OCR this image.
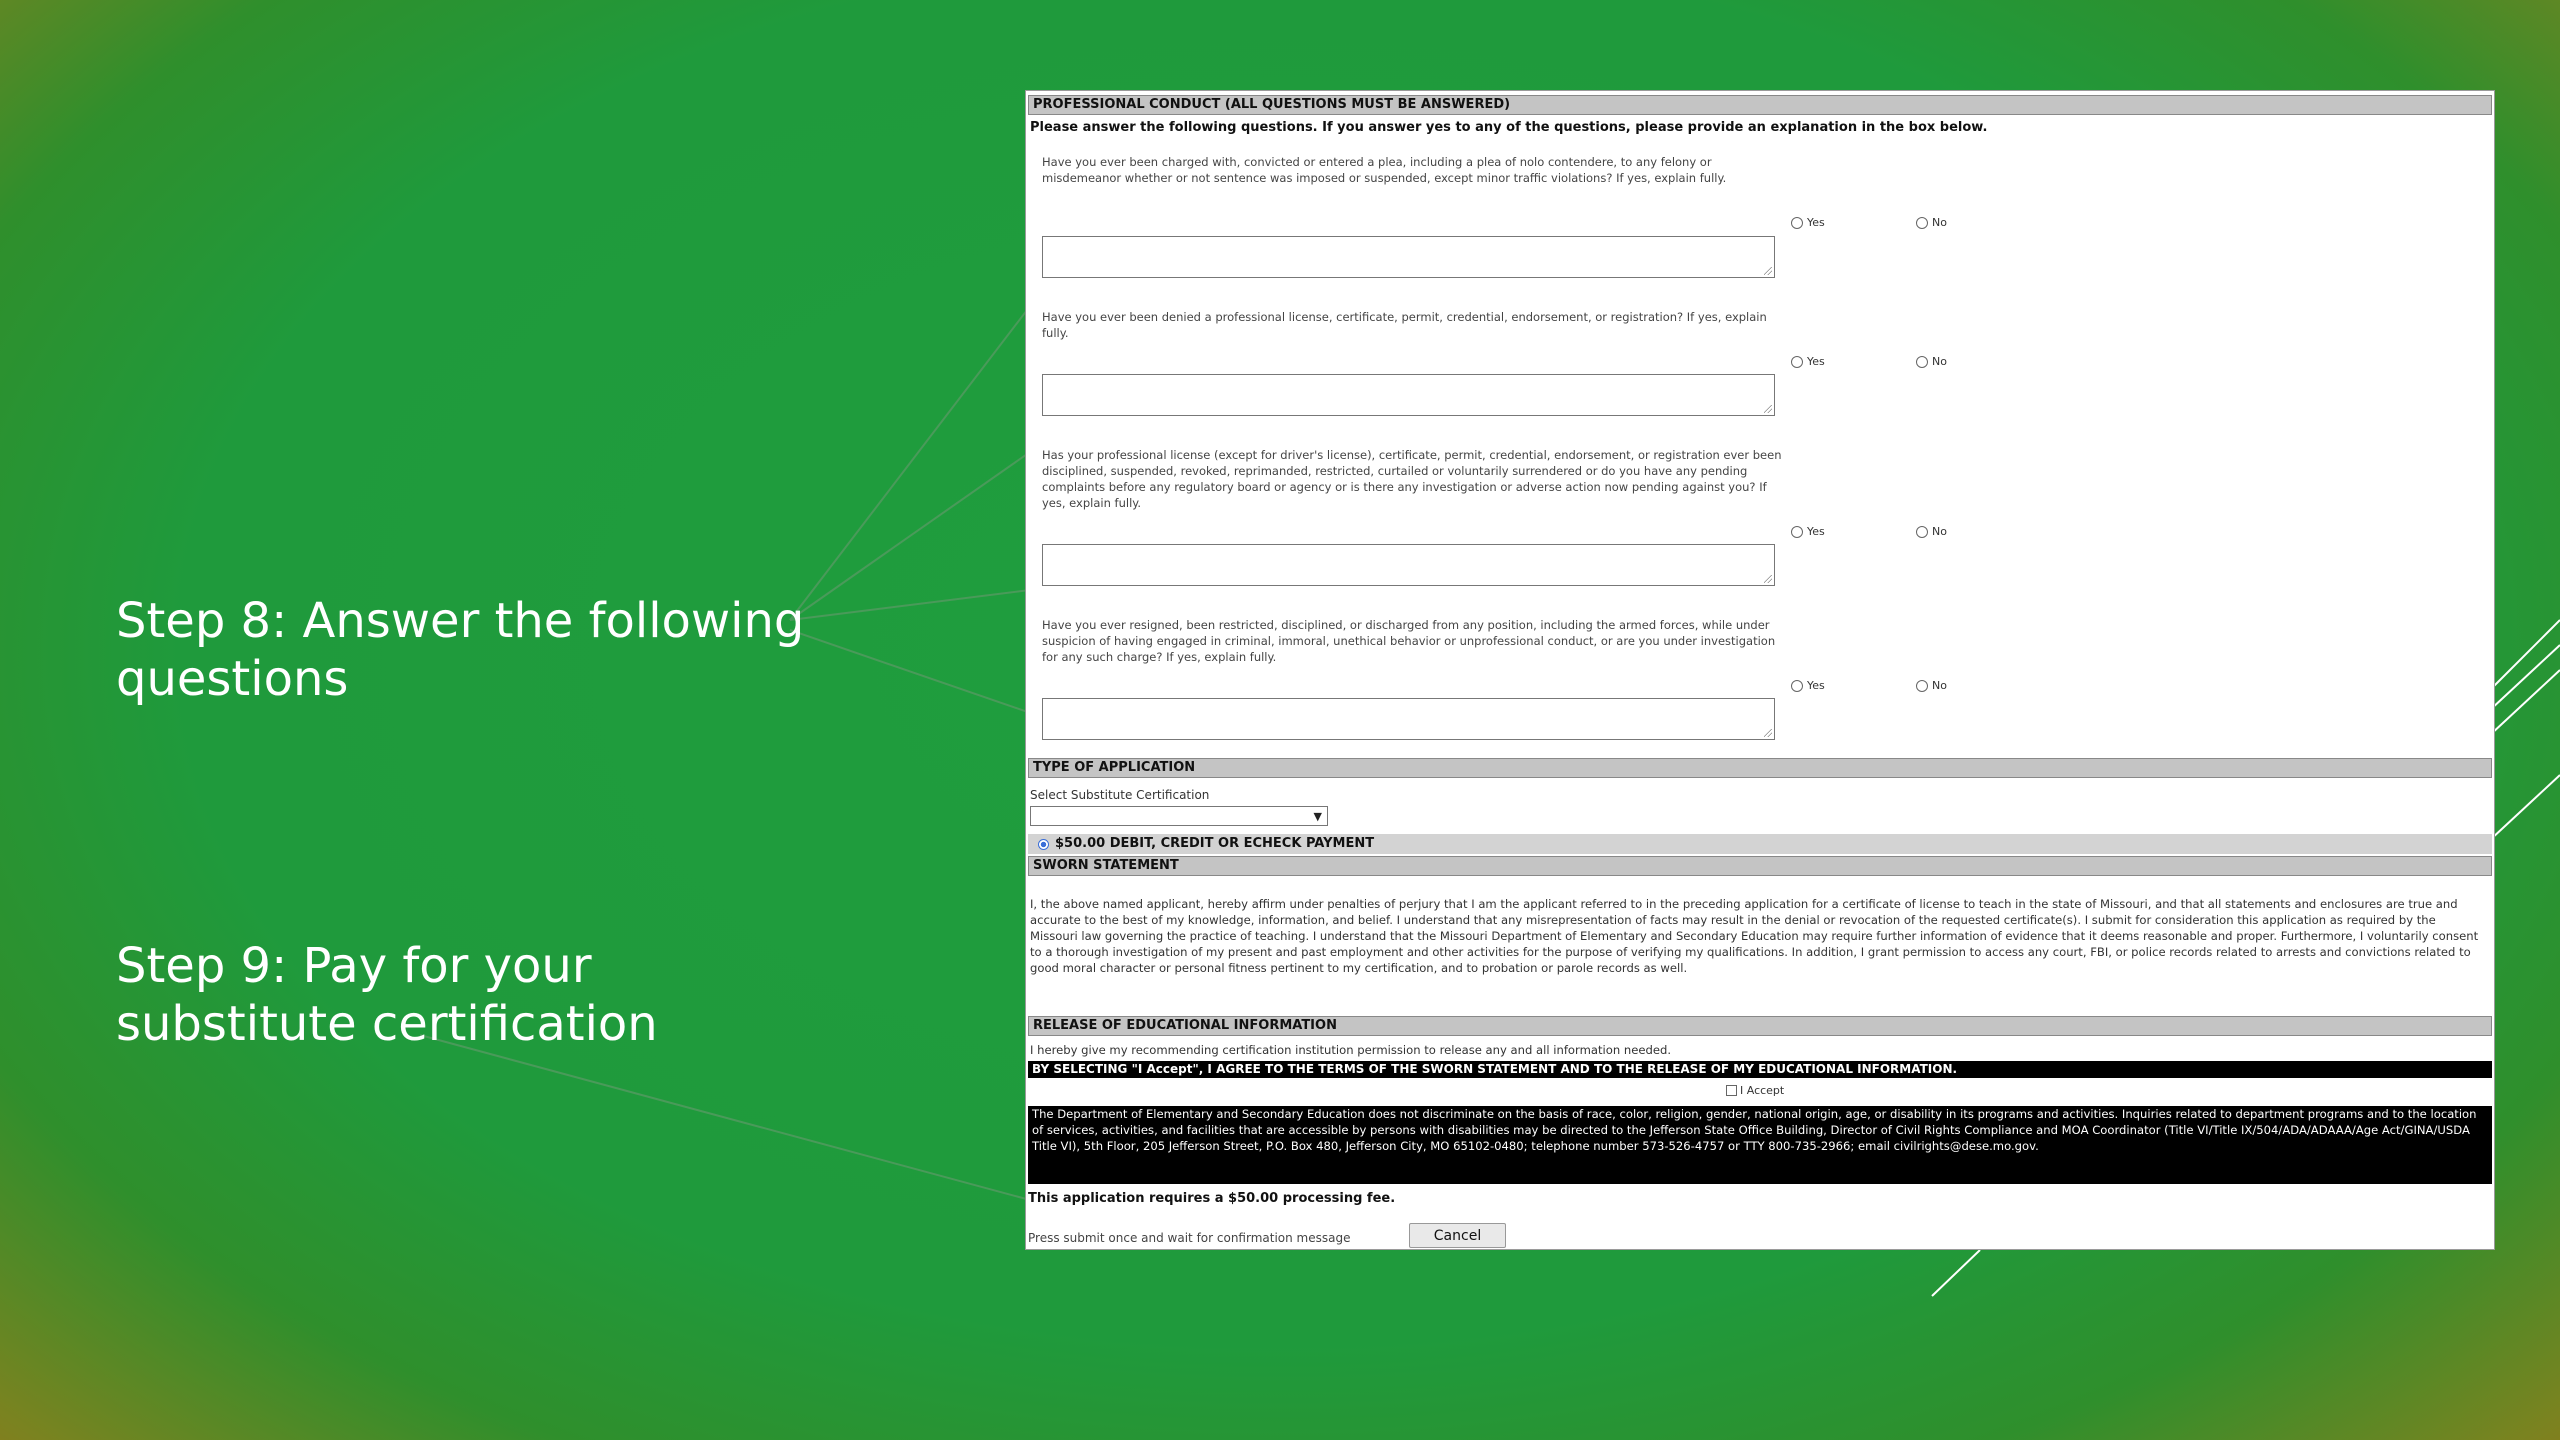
Step 8: Answer the following questions

Step 9: Pay for your substitute certification

PROFESSIONAL CONDUCT (ALL QUESTIONS MUST BE ANSWERED)
Please answer the following questions. If you answer yes to any of the questions, please provide an explanation in the box below.

Have you ever been charged with, convicted or entered a plea, including a plea of nolo contendere, to any felony or misdemeanor whether or not sentence was imposed or suspended, except minor traffic violations? If yes, explain fully.

Yes	No

Have you ever been denied a professional license, certificate, permit, credential, endorsement, or registration? If yes, explain fully.

Yes	No

Has your professional license (except for driver's license), certificate, permit, credential, endorsement, or registration ever been disciplined, suspended, revoked, reprimanded, restricted, curtailed or voluntarily surrendered or do you have any pending complaints before any regulatory board or agency or is there any investigation or adverse action now pending against you? If yes, explain fully.

Yes	No

Have you ever resigned, been restricted, disciplined, or discharged from any position, including the armed forces, while under suspicion of having engaged in criminal, immoral, unethical behavior or unprofessional conduct, or are you under investigation for any such charge? If yes, explain fully.

Yes	No
TYPE OF APPLICATION
Select Substitute Certification
▼
$50.00 DEBIT, CREDIT OR ECHECK PAYMENT
SWORN STATEMENT

I, the above named applicant, hereby affirm under penalties of perjury that I am the applicant referred to in the preceding application for a certificate of license to teach in the state of Missouri, and that all statements and enclosures are true and accurate to the best of my knowledge, information, and belief. I understand that any misrepresentation of facts may result in the denial or revocation of the requested certificate(s). I submit for consideration this application as required by the Missouri law governing the practice of teaching. I understand that the Missouri Department of Elementary and Secondary Education may require further information of evidence that it deems reasonable and proper. Furthermore, I voluntarily consent to a thorough investigation of my present and past employment and other activities for the purpose of verifying my qualifications. In addition, I grant permission to access any court, FBI, or police records related to arrests and convictions related to good moral character or personal fitness pertinent to my certification, and to probation or parole records as well.

RELEASE OF EDUCATIONAL INFORMATION
I hereby give my recommending certification institution permission to release any and all information needed.
BY SELECTING "I Accept", I AGREE TO THE TERMS OF THE SWORN STATEMENT AND TO THE RELEASE OF MY EDUCATIONAL INFORMATION.
I Accept

The Department of Elementary and Secondary Education does not discriminate on the basis of race, color, religion, gender, national origin, age, or disability in its programs and activities. Inquiries related to department programs and to the location of services, activities, and facilities that are accessible by persons with disabilities may be directed to the Jefferson State Office Building, Director of Civil Rights Compliance and MOA Coordinator (Title VI/Title IX/504/ADA/ADAAA/Age Act/GINA/USDA Title VI), 5th Floor, 205 Jefferson Street, P.O. Box 480, Jefferson City, MO 65102-0480; telephone number 573-526-4757 or TTY 800-735-2966; email civilrights@dese.mo.gov.

This application requires a $50.00 processing fee.
Press submit once and wait for confirmation message	Cancel
